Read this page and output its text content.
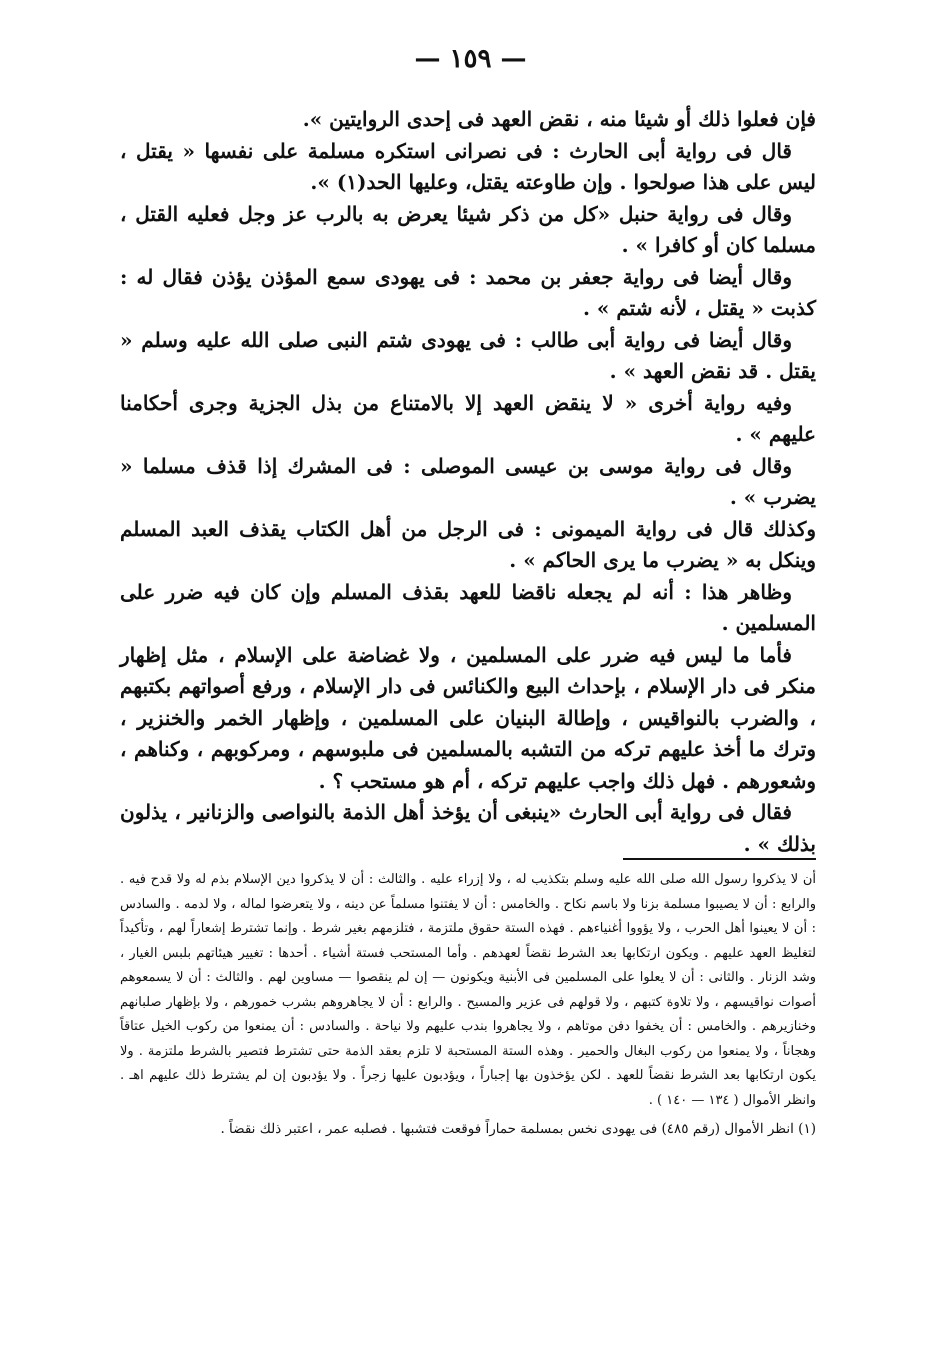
— ١٥٩ —

فإن فعلوا ذلك أو شيئا منه ، نقض العهد فى إحدى الروايتين ».

قال فى رواية أبى الحارث : فى نصرانى استكره مسلمة على نفسها « يقتل ، ليس على هذا صولحوا . وإن طاوعته يقتل، وعليها الحد(١) ».

وقال فى رواية حنبل «كل من ذكر شيئا يعرض به بالرب عز وجل فعليه القتل ، مسلما كان أو كافرا » .

وقال أيضا فى رواية جعفر بن محمد : فى يهودى سمع المؤذن يؤذن فقال له : كذبت « يقتل ، لأنه شتم » .

وقال أيضا فى رواية أبى طالب : فى يهودى شتم النبى صلى الله عليه وسلم « يقتل . قد نقض العهد » .

وفيه رواية أخرى « لا ينقض العهد إلا بالامتناع من بذل الجزية وجرى أحكامنا عليهم » .

وقال فى رواية موسى بن عيسى الموصلى : فى المشرك إذا قذف مسلما « يضرب » .

وكذلك قال فى رواية الميمونى : فى الرجل من أهل الكتاب يقذف العبد المسلم وينكل به « يضرب ما يرى الحاكم » .

وظاهر هذا : أنه لم يجعله ناقضا للعهد بقذف المسلم وإن كان فيه ضرر على المسلمين .

فأما ما ليس فيه ضرر على المسلمين ، ولا غضاضة على الإسلام ، مثل إظهار منكر فى دار الإسلام ، بإحداث البيع والكنائس فى دار الإسلام ، ورفع أصواتهم بكتبهم ، والضرب بالنواقيس ، وإطالة البنيان على المسلمين ، وإظهار الخمر والخنزير ، وترك ما أخذ عليهم تركه من التشبه بالمسلمين فى ملبوسهم ، ومركوبهم ، وكناهم ، وشعورهم . فهل ذلك واجب عليهم تركه ، أم هو مستحب ؟ .

فقال فى رواية أبى الحارث «ينبغى أن يؤخذ أهل الذمة بالنواصى والزنانير ، يذلون بذلك » .

أن لا يذكروا رسول الله صلى الله عليه وسلم بتكذيب له ، ولا إزراء عليه . والثالث : أن لا يذكروا دين الإسلام بذم له ولا قدح فيه . والرابع : أن لا يصيبوا مسلمة بزنا ولا باسم نكاح . والخامس : أن لا يفتنوا مسلماً عن دينه ، ولا يتعرضوا لماله ، ولا لدمه . والسادس : أن لا يعينوا أهل الحرب ، ولا يؤووا أغنياءهم . فهذه الستة حقوق ملتزمة ، فتلزمهم بغير شرط . وإنما تشترط إشعاراً لهم ، وتأكيداً لتغليظ العهد عليهم . ويكون ارتكابها بعد الشرط نقضاً لعهدهم . وأما المستحب فستة أشياء . أحدها : تغيير هيئاتهم بلبس الغيار ، وشد الزنار . والثانى : أن لا يعلوا على المسلمين فى الأبنية ويكونون — إن لم ينقصوا — مساوين لهم . والثالث : أن لا يسمعوهم أصوات نواقيسهم ، ولا تلاوة كتبهم ، ولا قولهم فى عزير والمسيح . والرابع : أن لا يجاهروهم بشرب خمورهم ، ولا بإظهار صلبانهم وخنازيرهم . والخامس : أن يخفوا دفن موتاهم ، ولا يجاهروا بندب عليهم ولا نياحة . والسادس : أن يمنعوا من ركوب الخيل عتاقاً وهجاناً ، ولا يمنعوا من ركوب البغال والحمير . وهذه الستة المستحبة لا تلزم بعقد الذمة حتى تشترط فتصير بالشرط ملتزمة . ولا يكون ارتكابها بعد الشرط نقضاً للعهد . لكن يؤخذون بها إجباراً ، ويؤدبون عليها زجراً . ولا يؤدبون إن لم يشترط ذلك عليهم اهـ . وانظر الأموال ( ١٣٤ — ١٤٠ ) .

(١) انظر الأموال (رقم ٤٨٥) فى يهودى نخس بمسلمة حماراً فوقعت فتشبها . فصلبه عمر ، اعتبر ذلك نقضاً .
